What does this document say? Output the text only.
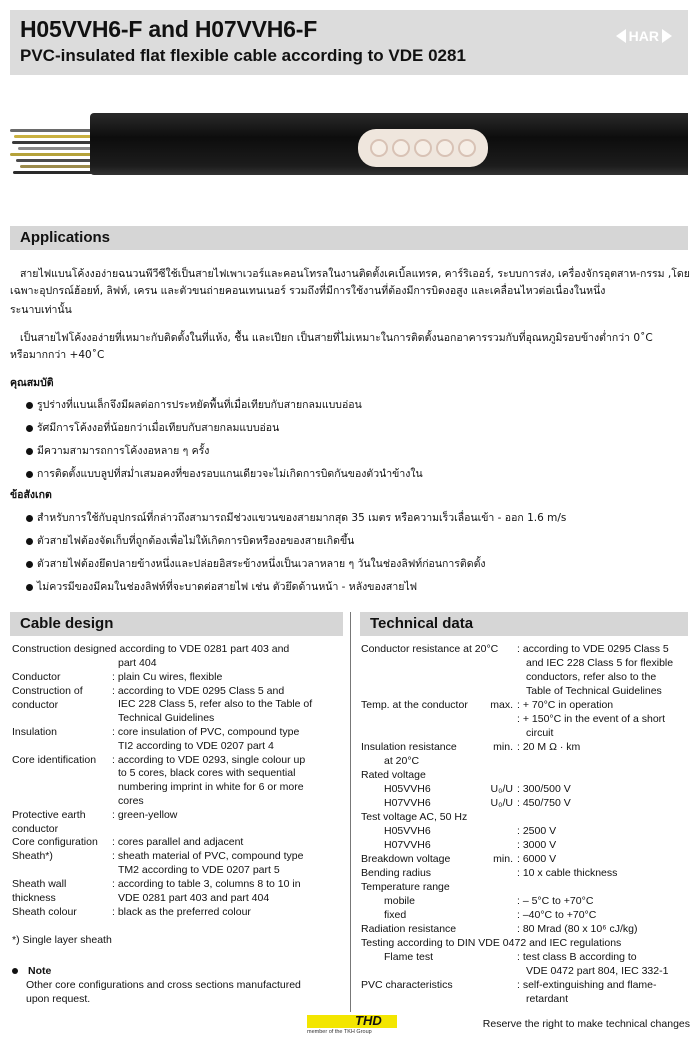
H05VVH6-F and H07VVH6-F
PVC-insulated flat flexible cable according to VDE 0281
HAR
Applications
สายไฟแบนโค้งงอง่ายฉนวนพีวีซีใช้เป็นสายไฟเพาเวอร์และคอนโทรลในงานติดตั้งเคเบิ้ลแทรค, คาร์ริเออร์, ระบบการส่ง, เครื่องจักรอุตสาห-กรรม ,โดยเฉพาะอุปกรณ์ฮ้อยท์, ลิฟท์, เครน และตัวขนถ่ายคอนเทนเนอร์ รวมถึงที่มีการใช้งานที่ต้องมีการบิดงอสูง และเคลื่อนไหวต่อเนื่องในหนึ่ง
ระนาบเท่านั้น
เป็นสายไฟโค้งงอง่ายที่เหมาะกับติดตั้งในที่แห้ง, ชื้น และเปียก เป็นสายที่ไม่เหมาะในการติดตั้งนอกอาคารรวมกับที่อุณหภูมิรอบข้างต่ำกว่า 0˚C
หรือมากกว่า +40˚C
คุณสมบัติ
รูปร่างที่แบนเล็กจึงมีผลต่อการประหยัดพื้นที่เมื่อเทียบกับสายกลมแบบอ่อน
รัศมีการโค้งงอที่น้อยกว่าเมื่อเทียบกับสายกลมแบบอ่อน
มีความสามารถการโค้งงอหลาย ๆ ครั้ง
การติดตั้งแบบลูปที่สม่ำเสมอคงที่ของรอบแกนเดียวจะไม่เกิดการบิดกันของตัวนำข้างใน
ข้อสังเกต
สำหรับการใช้กับอุปกรณ์ที่กล่าวถึงสามารถมีช่วงแขวนของสายมากสุด 35 เมตร หรือความเร็วเลื่อนเข้า - ออก 1.6 m/s
ตัวสายไฟต้องจัดเก็บที่ถูกต้องเพื่อไม่ให้เกิดการบิดหรืองอของสายเกิดขึ้น
ตัวสายไฟต้องยึดปลายข้างหนึ่งและปล่อยอิสระข้างหนึ่งเป็นเวลาหลาย ๆ วันในช่องลิฟท์ก่อนการติดตั้ง
ไม่ควรมีของมีคมในช่องลิฟท์ที่จะบาดต่อสายไฟ เช่น ตัวยึดด้านหน้า - หลังของสายไฟ
Cable design
Construction designed according to VDE 0281 part 403 and
part 404
Conductor	: plain Cu wires, flexible
Construction of
conductor
: according to VDE 0295 Class 5 and
IEC 228 Class 5, refer also to the Table of
Technical Guidelines
Insulation	: core insulation of PVC, compound type
TI2 according to VDE 0207 part 4
Core identification : according to VDE 0293, single colour up
to 5 cores, black cores with sequential
numbering imprint in white for 6 or more
cores
Protective earth
conductor
: green-yellow
Core configuration : cores parallel and adjacent
Sheath*)	: sheath material of PVC, compound type
TM2 according to VDE 0207 part 5
Sheath wall
thickness
: according to table 3, columns 8 to 10 in
VDE 0281 part 403 and part 404
Sheath colour	: black as the preferred colour
*) Single layer sheath
Note
Other core configurations and cross sections manufactured
upon request.
Technical data
Conductor resistance at 20°C : according to VDE 0295 Class 5
and IEC 228 Class 5 for flexible
conductors, refer also to the
Table of Technical Guidelines
Temp. at the conductor	max. : + 70°C in operation
: + 150°C in the event of a short
circuit
Insulation resistance	min. : 20 M Ω · km
at 20°C
Rated voltage
H05VVH6	U₀/U : 300/500 V
H07VVH6	U₀/U : 450/750 V
Test voltage AC, 50 Hz
H05VVH6	: 2500 V
H07VVH6	: 3000 V
Breakdown voltage	min. : 6000 V
Bending radius	: 10 x cable thickness
Temperature range
mobile	: – 5°C to +70°C
fixed	: –40°C to +70°C
Radiation resistance	: 80 Mrad (80 x 10⁶ cJ/kg)
Testing according to DIN VDE 0472 and IEC regulations
Flame test	: test class B according to
VDE 0472 part 804, IEC 332-1
PVC characteristics	: self-extinguishing and flame-
retardant
THD
member of the TKH Group
Reserve the right to make technical changes
